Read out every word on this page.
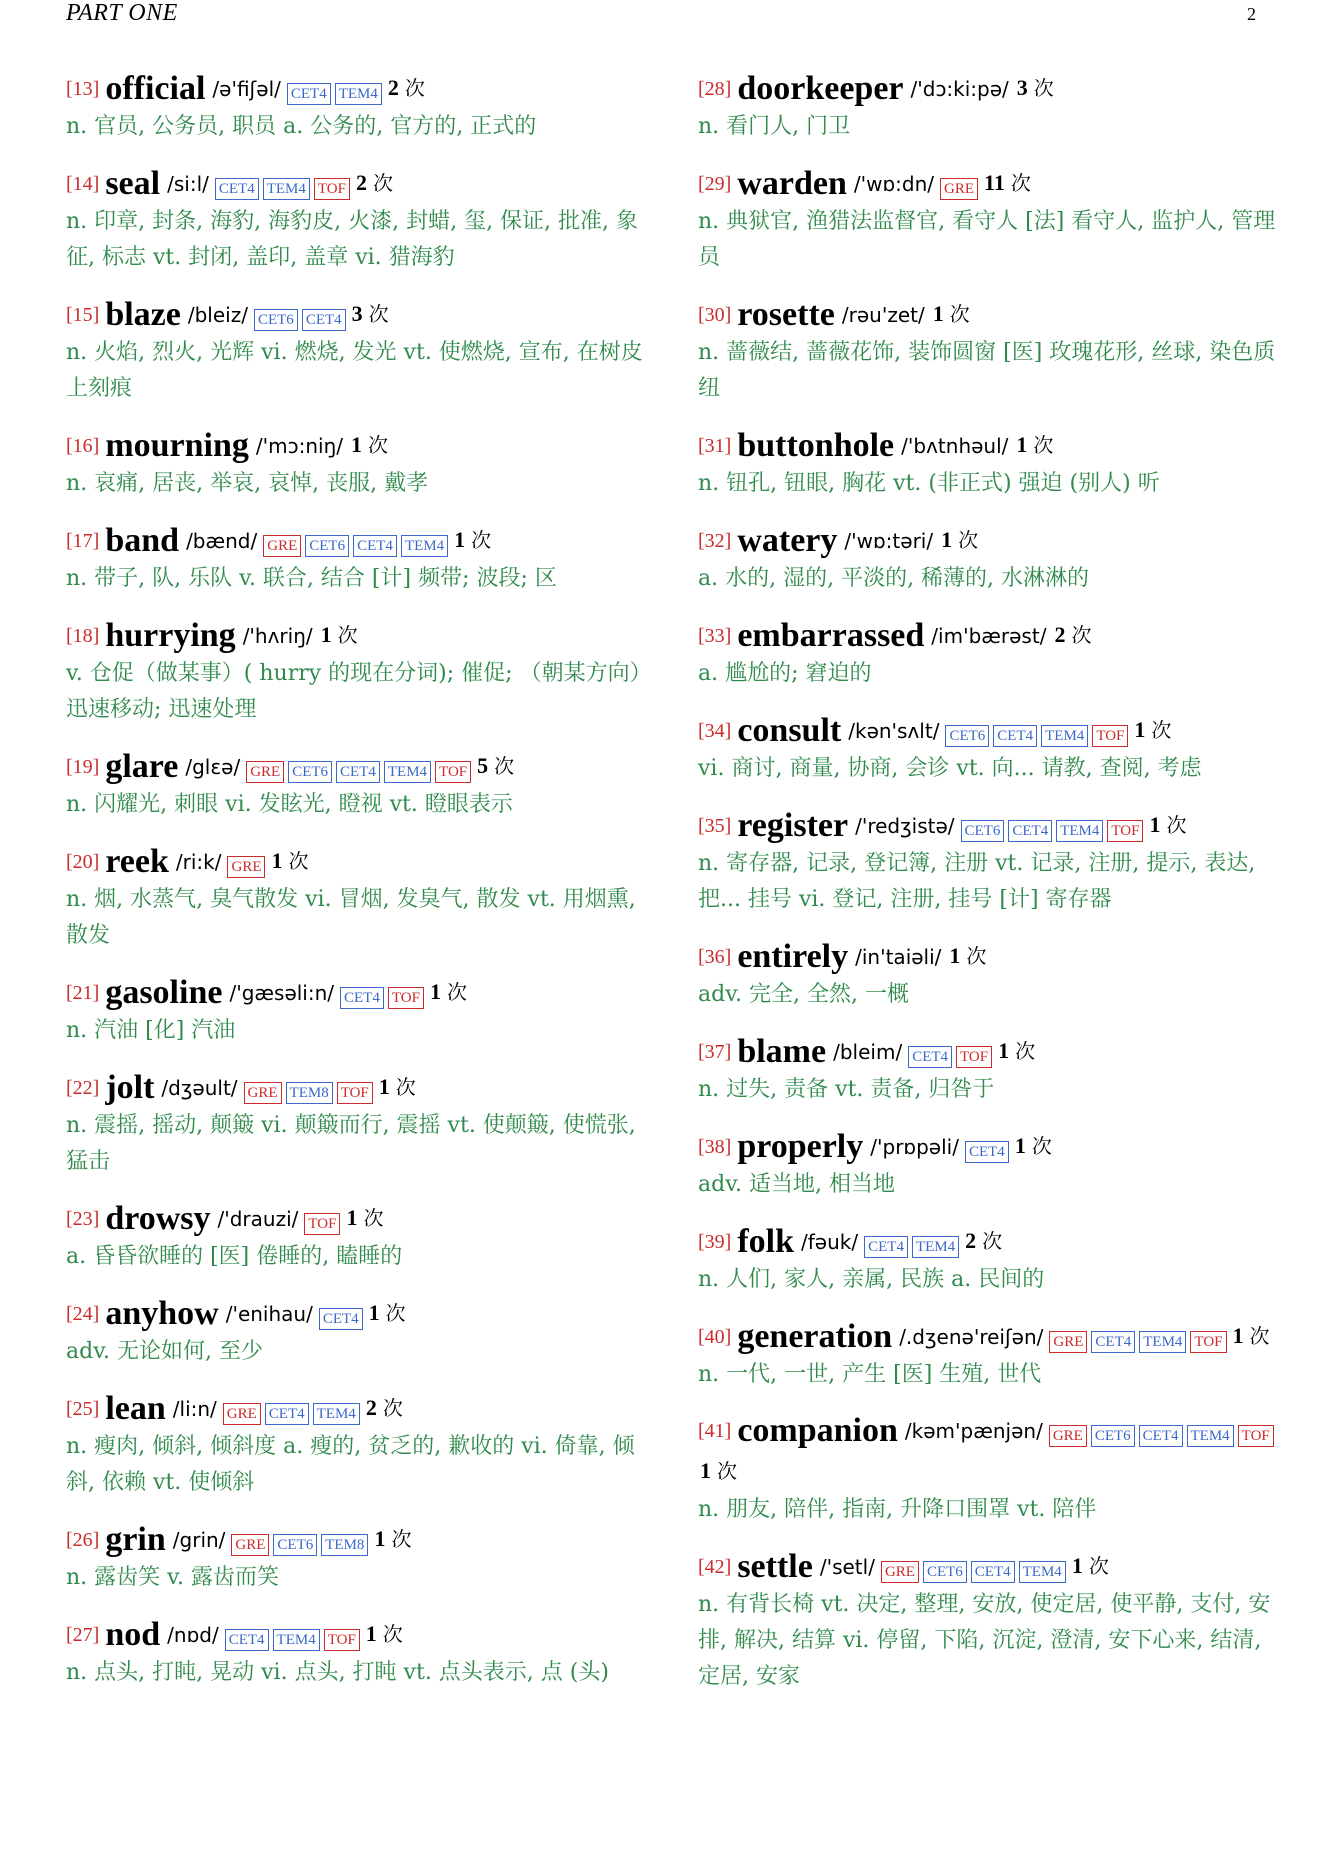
PART ONE	2
[13] official /ə'fiʃəl/ CET4 TEM4 2 次
n. 官员, 公务员, 职员 a. 公务的, 官方的, 正式的
[14] seal /si:l/ CET4 TEM4 TOF 2 次
n. 印章, 封条, 海豹, 海豹皮, 火漆, 封蜡, 玺, 保证, 批准, 象征, 标志 vt. 封闭, 盖印, 盖章 vi. 猎海豹
[15] blaze /bleiz/ CET6 CET4 3 次
n. 火焰, 烈火, 光辉 vi. 燃烧, 发光 vt. 使燃烧, 宣布, 在树皮上刻痕
[16] mourning /'mɔ:niŋ/ 1 次
n. 哀痛, 居丧, 举哀, 哀悼, 丧服, 戴孝
[17] band /bænd/ GRE CET6 CET4 TEM4 1 次
n. 带子, 队, 乐队 v. 联合, 结合 [计] 频带; 波段; 区
[18] hurrying /'hʌriŋ/ 1 次
v. 仓促（做某事）( hurry 的现在分词); 催促; （朝某方向）迅速移动; 迅速处理
[19] glare /glɛə/ GRE CET6 CET4 TEM4 TOF 5 次
n. 闪耀光, 刺眼 vi. 发眩光, 瞪视 vt. 瞪眼表示
[20] reek /ri:k/ GRE 1 次
n. 烟, 水蒸气, 臭气散发 vi. 冒烟, 发臭气, 散发 vt. 用烟熏, 散发
[21] gasoline /'gæsəli:n/ CET4 TOF 1 次
n. 汽油 [化] 汽油
[22] jolt /dʒəult/ GRE TEM8 TOF 1 次
n. 震摇, 摇动, 颠簸 vi. 颠簸而行, 震摇 vt. 使颠簸, 使慌张, 猛击
[23] drowsy /'drauzi/ TOF 1 次
a. 昏昏欲睡的 [医] 倦睡的, 瞌睡的
[24] anyhow /'enihau/ CET4 1 次
adv. 无论如何, 至少
[25] lean /li:n/ GRE CET4 TEM4 2 次
n. 瘦肉, 倾斜, 倾斜度 a. 瘦的, 贫乏的, 歉收的 vi. 倚靠, 倾斜, 依赖 vt. 使倾斜
[26] grin /grin/ GRE CET6 TEM8 1 次
n. 露齿笑 v. 露齿而笑
[27] nod /nɒd/ CET4 TEM4 TOF 1 次
n. 点头, 打盹, 晃动 vi. 点头, 打盹 vt. 点头表示, 点 (头)
[28] doorkeeper /'dɔ:ki:pə/ 3 次
n. 看门人, 门卫
[29] warden /'wɒ:dn/ GRE 11 次
n. 典狱官, 渔猎法监督官, 看守人 [法] 看守人, 监护人, 管理员
[30] rosette /rəu'zet/ 1 次
n. 蔷薇结, 蔷薇花饰, 装饰圆窗 [医] 玫瑰花形, 丝球, 染色质纽
[31] buttonhole /'bʌtnhəul/ 1 次
n. 钮孔, 钮眼, 胸花 vt. (非正式) 强迫 (别人) 听
[32] watery /'wɒ:təri/ 1 次
a. 水的, 湿的, 平淡的, 稀薄的, 水淋淋的
[33] embarrassed /im'bærəst/ 2 次
a. 尴尬的; 窘迫的
[34] consult /kən'sʌlt/ CET6 CET4 TEM4 TOF 1 次
vi. 商讨, 商量, 协商, 会诊 vt. 向... 请教, 查阅, 考虑
[35] register /'redʒistə/ CET6 CET4 TEM4 TOF 1 次
n. 寄存器, 记录, 登记簿, 注册 vt. 记录, 注册, 提示, 表达, 把... 挂号 vi. 登记, 注册, 挂号 [计] 寄存器
[36] entirely /in'taiəli/ 1 次
adv. 完全, 全然, 一概
[37] blame /bleim/ CET4 TOF 1 次
n. 过失, 责备 vt. 责备, 归咎于
[38] properly /'prɒpəli/ CET4 1 次
adv. 适当地, 相当地
[39] folk /fəuk/ CET4 TEM4 2 次
n. 人们, 家人, 亲属, 民族 a. 民间的
[40] generation /.dʒenə'reiʃən/ GRE CET4 TEM4 TOF 1 次
n. 一代, 一世, 产生 [医] 生殖, 世代
[41] companion /kəm'pænjən/ GRE CET6 CET4 TEM4 TOF
1 次
n. 朋友, 陪伴, 指南, 升降口围罩 vt. 陪伴
[42] settle /'setl/ GRE CET6 CET4 TEM4 1 次
n. 有背长椅 vt. 决定, 整理, 安放, 使定居, 使平静, 支付, 安排, 解决, 结算 vi. 停留, 下陷, 沉淀, 澄清, 安下心来, 结清, 定居, 安家
